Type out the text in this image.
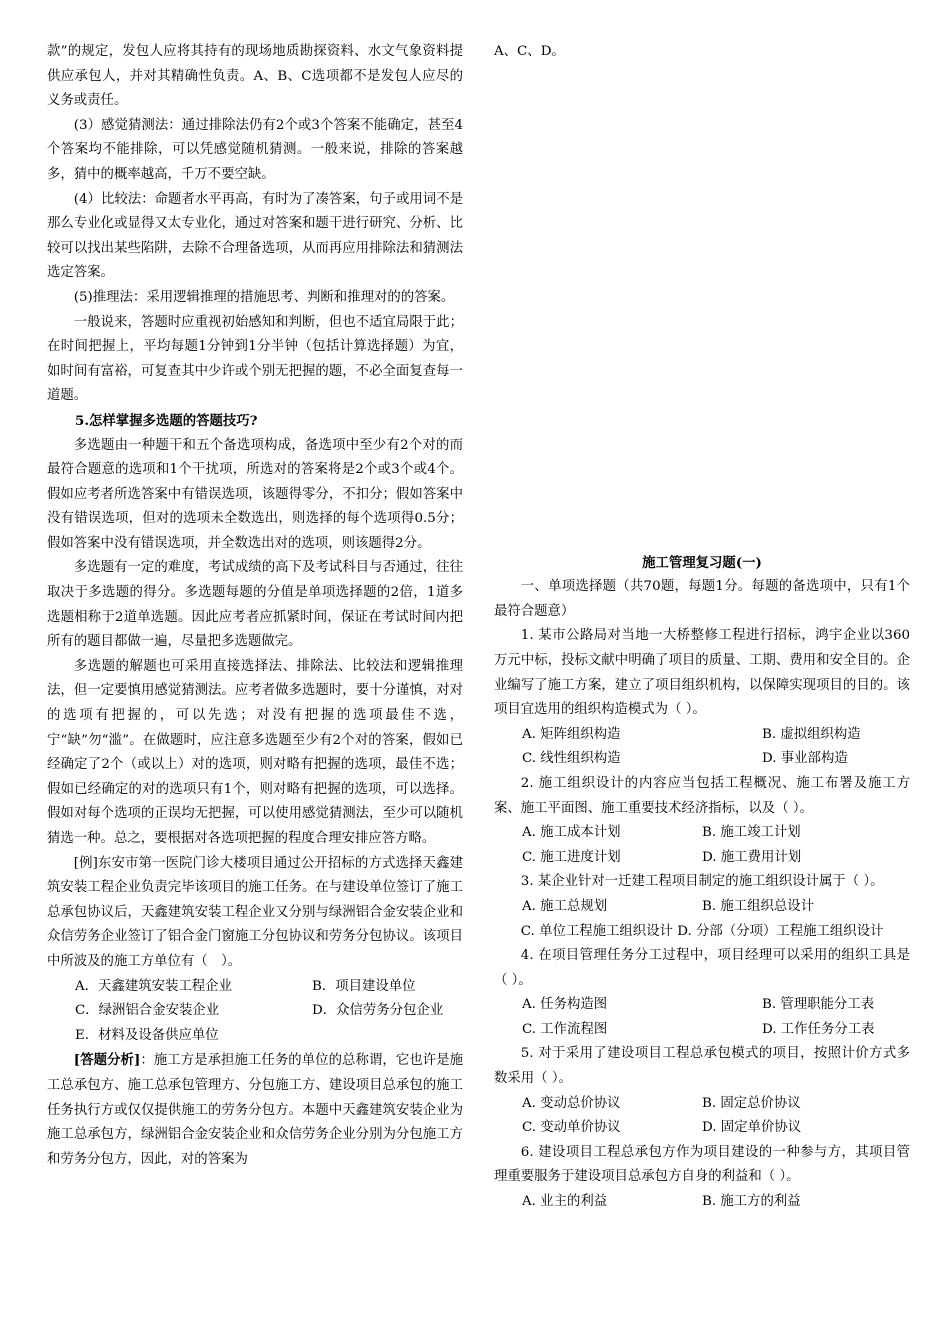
款”的规定，发包人应将其持有的现场地质勘探资料、水文气象资料提供应承包人，并对其精确性负责。A、B、C选项都不是发包人应尽的义务或责任。

(3）感觉猜测法：通过排除法仍有2个或3个答案不能确定，甚至4个答案均不能排除，可以凭感觉随机猜测。一般来说，排除的答案越多，猜中的概率越高，千万不要空缺。

(4）比较法：命题者水平再高，有时为了凑答案，句子或用词不是那么专业化或显得又太专业化，通过对答案和题干进行研究、分析、比较可以找出某些陷阱，去除不合理备选项，从而再应用排除法和猜测法选定答案。

(5)推理法：采用逻辑推理的措施思考、判断和推理对的的答案。

一般说来，答题时应重视初始感知和判断，但也不适宜局限于此；在时间把握上，平均每题1分钟到1分半钟（包括计算选择题）为宜，如时间有富裕，可复查其中少许或个别无把握的题，不必全面复查每一道题。

5.怎样掌握多选题的答题技巧?

多选题由一种题干和五个备选项构成，备选项中至少有2个对的而最符合题意的选项和1个干扰项，所选对的答案将是2个或3个或4个。假如应考者所选答案中有错误选项，该题得零分，不扣分；假如答案中没有错误选项，但对的选项未全数选出，则选择的每个选项得0.5分；假如答案中没有错误选项，并全数选出对的选项，则该题得2分。

多选题有一定的难度，考试成绩的高下及考试科目与否通过，往往取决于多选题的得分。多选题每题的分值是单项选择题的2倍，1道多选题相称于2道单选题。因此应考者应抓紧时间，保证在考试时间内把所有的题目都做一遍，尽量把多选题做完。

多选题的解题也可采用直接选择法、排除法、比较法和逻辑推理法，但一定要慎用感觉猜测法。应考者做多选题时，要十分谨慎，对对的选项有把握的，可以先选；对没有把握的选项最佳不选，宁“缺”勿“滥”。在做题时，应注意多选题至少有2个对的答案，假如已经确定了2个（或以上）对的选项，则对略有把握的选项，最佳不选；假如已经确定的对的选项只有1个，则对略有把握的选项，可以选择。假如对每个选项的正误均无把握，可以使用感觉猜测法，至少可以随机猜选一种。总之，要根据对各选项把握的程度合理安排应答方略。

[例]东安市第一医院门诊大楼项目通过公开招标的方式选择天鑫建筑安装工程企业负责完毕该项目的施工任务。在与建设单位签订了施工总承包协议后，天鑫建筑安装工程企业又分别与绿洲铝合金安装企业和众信劳务企业签订了铝合金门窗施工分包协议和劳务分包协议。该项目中所波及的施工方单位有（　）。

A．天鑫建筑安装工程企业	B．项目建设单位
C．绿洲铝合金安装企业	D．众信劳务分包企业

E．材料及设备供应单位

[答题分析]：施工方是承担施工任务的单位的总称谓，它也许是施工总承包方、施工总承包管理方、分包施工方、建设项目总承包的施工任务执行方或仅仅提供施工的劳务分包方。本题中天鑫建筑安装企业为施工总承包方，绿洲铝合金安装企业和众信劳务企业分别为分包施工方和劳务分包方，因此，对的答案为

A、C、D。

施工管理复习题(一)

一、单项选择题（共70题，每题1分。每题的备选项中，只有1个最符合题意）

1. 某市公路局对当地一大桥整修工程进行招标，鸿宇企业以360万元中标，投标文献中明确了项目的质量、工期、费用和安全目的。企业编写了施工方案，建立了项目组织机构，以保障实现项目的目的。该项目宜选用的组织构造模式为（ ）。

A. 矩阵组织构造	B. 虚拟组织构造
C. 线性组织构造	D. 事业部构造

2. 施工组织设计的内容应当包括工程概况、施工布署及施工方案、施工平面图、施工重要技术经济指标，以及（ ）。

A. 施工成本计划	B. 施工竣工计划
C. 施工进度计划	D. 施工费用计划

3. 某企业针对一迁建工程项目制定的施工组织设计属于（ ）。

A. 施工总规划	B. 施工组织总设计

C. 单位工程施工组织设计 D. 分部（分项）工程施工组织设计

4. 在项目管理任务分工过程中，项目经理可以采用的组织工具是（ ）。

A. 任务构造图	B. 管理职能分工表
C. 工作流程图	D. 工作任务分工表

5. 对于采用了建设项目工程总承包模式的项目，按照计价方式多数采用（ ）。

A. 变动总价协议	B. 固定总价协议
C. 变动单价协议	D. 固定单价协议

6. 建设项目工程总承包方作为项目建设的一种参与方，其项目管理重要服务于建设项目总承包方自身的利益和（ ）。

A. 业主的利益	B. 施工方的利益
